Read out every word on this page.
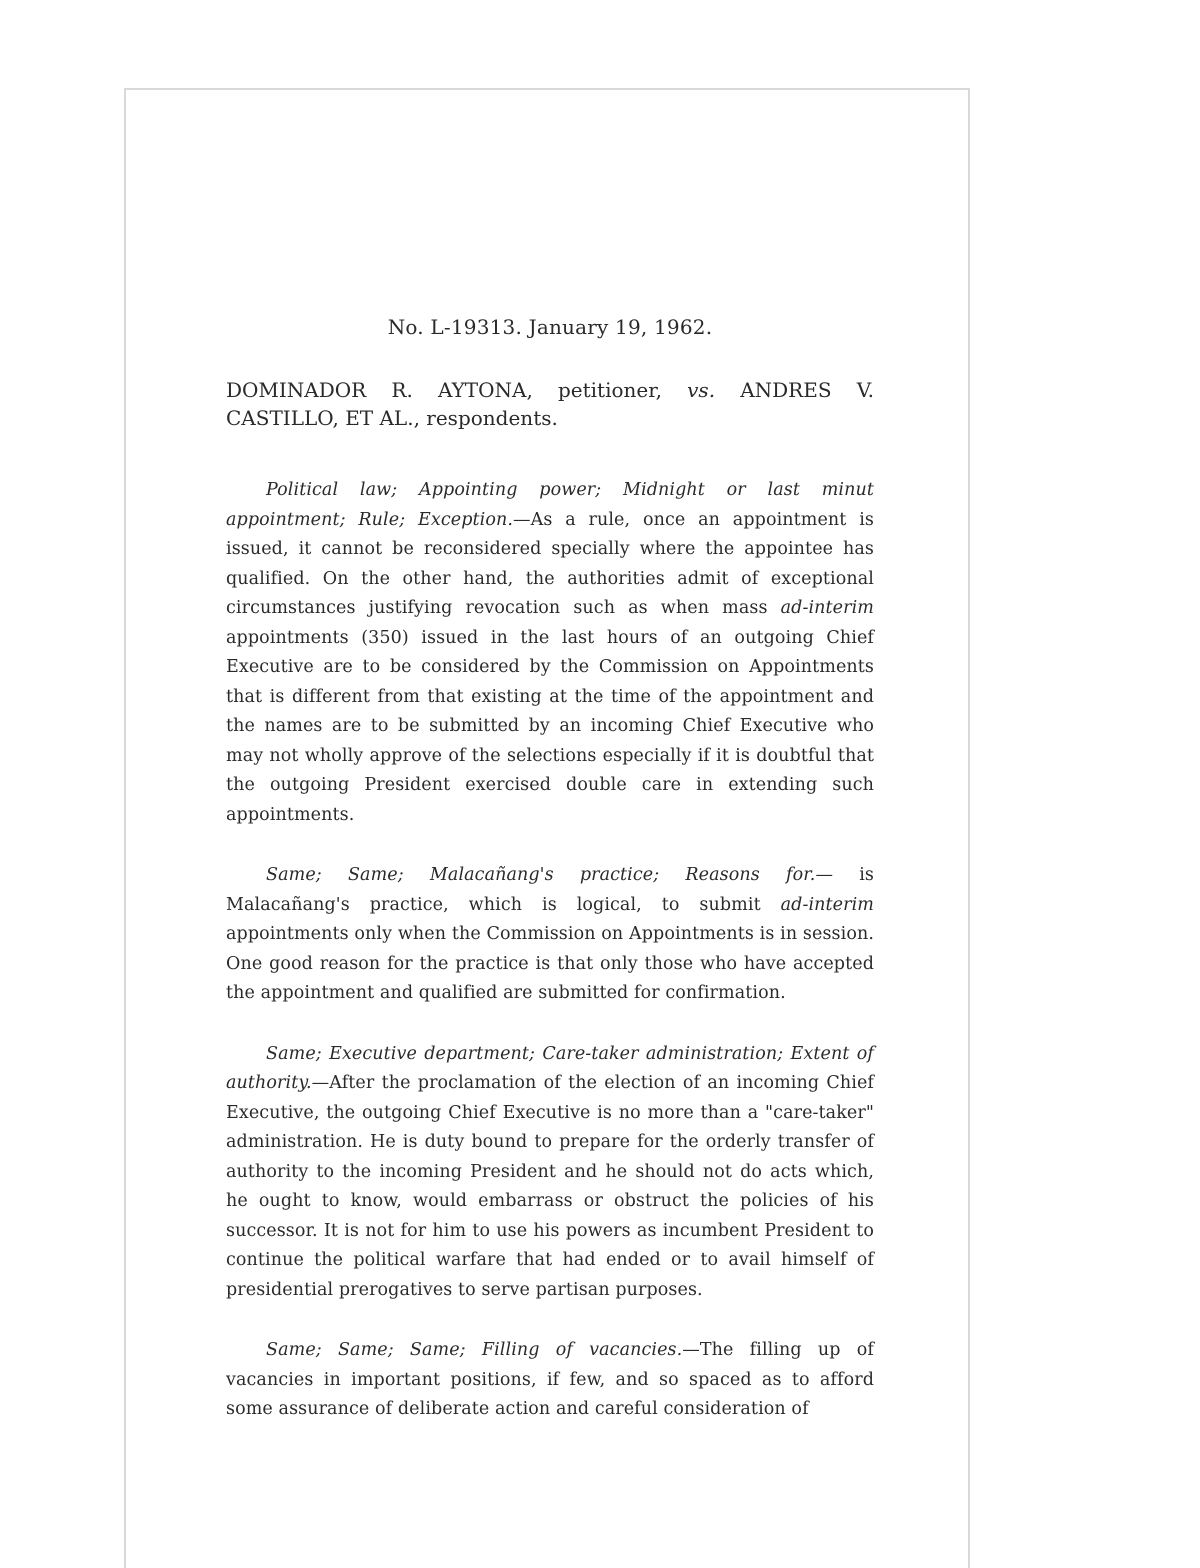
No. L-19313. January 19, 1962.
DOMINADOR R. AYTONA, petitioner, vs. ANDRES V. CASTILLO, ET AL., respondents.

Political law; Appointing power; Midnight or last minut appointment; Rule; Exception.—As a rule, once an appointment is issued, it cannot be reconsidered specially where the appointee has qualified. On the other hand, the authorities admit of exceptional circumstances justifying revocation such as when mass ad-interim appointments (350) issued in the last hours of an outgoing Chief Executive are to be considered by the Commission on Appointments that is different from that existing at the time of the appointment and the names are to be submitted by an incoming Chief Executive who may not wholly approve of the selections especially if it is doubtful that the outgoing President exercised double care in extending such appointments.

Same; Same; Malacañang's practice; Reasons for.— is Malacañang's practice, which is logical, to submit ad-interim appointments only when the Commission on Appointments is in session. One good reason for the practice is that only those who have accepted the appointment and qualified are submitted for confirmation.

Same; Executive department; Care-taker administration; Extent of authority.—After the proclamation of the election of an incoming Chief Executive, the outgoing Chief Executive is no more than a "care-taker" administration. He is duty bound to prepare for the orderly transfer of authority to the incoming President and he should not do acts which, he ought to know, would embarrass or obstruct the policies of his successor. It is not for him to use his powers as incumbent President to continue the political warfare that had ended or to avail himself of presidential prerogatives to serve partisan purposes.

Same; Same; Same; Filling of vacancies.—The filling up of vacancies in important positions, if few, and so spaced as to afford some assurance of deliberate action and careful consideration of
